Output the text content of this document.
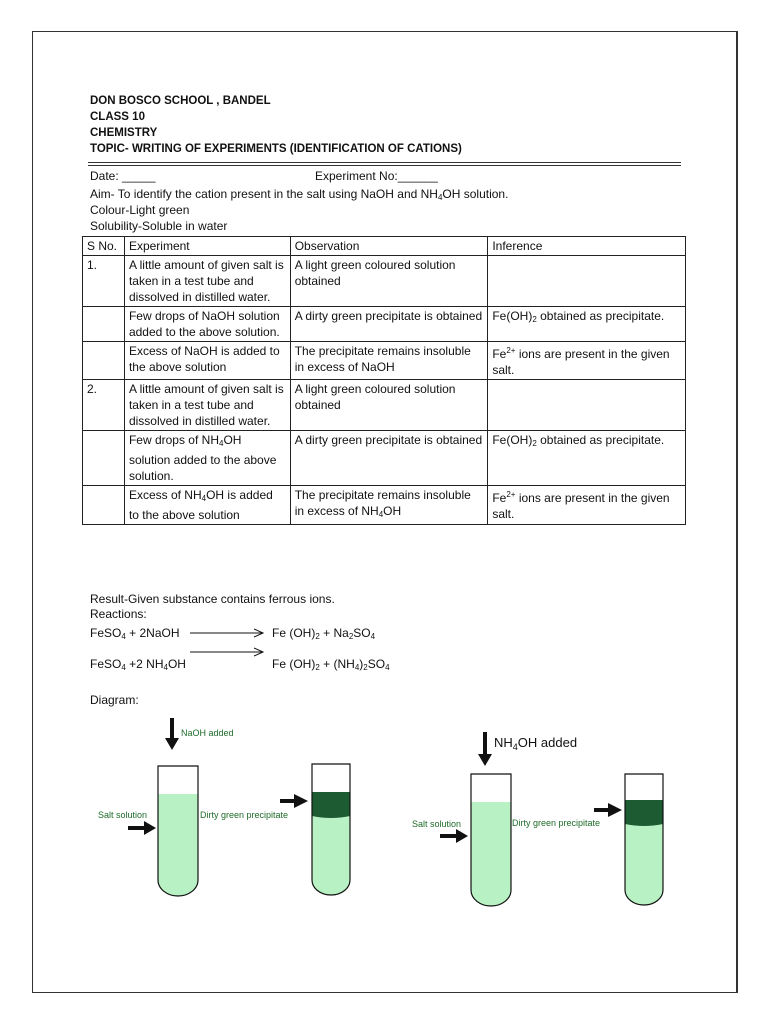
DON BOSCO SCHOOL , BANDEL
CLASS 10
CHEMISTRY
TOPIC- WRITING OF EXPERIMENTS (IDENTIFICATION OF CATIONS)
Date: _____	Experiment No:______
Aim- To identify the cation present in the salt using NaOH and $NH_4OH$ solution.
Colour-Light green
Solubility-Soluble in water
S No.	Experiment	Observation	Inference
1.	A little amount of given salt is taken in a test tube and dissolved in distilled water.	A light green coloured solution obtained	
	Few drops of NaOH solution added to the above solution.	A dirty green precipitate is obtained	$Fe(OH)_2$ obtained as precipitate.
	Excess of NaOH is added to the above solution	The precipitate remains insoluble in excess of NaOH	$Fe^{2+}$ ions are present in the given salt.
2.	A little amount of given salt is taken in a test tube and dissolved in distilled water.	A light green coloured solution obtained	
	Few drops of $NH_4OH$ solution added to the above solution.	A dirty green precipitate is obtained	$Fe(OH)_2$ obtained as precipitate.
	Excess of $NH_4OH$ is added to the above solution	The precipitate remains insoluble in excess of $NH_4OH$	$Fe^{2+}$ ions are present in the given salt.
Result-Given substance contains ferrous ions.
Reactions:
FeSO$_4$ + 2NaOH	Fe $(OH)_2 + Na_2SO_4$
FeSO$_4$ +2 $NH_4OH$	Fe $(OH)_2 + (NH_4)_2SO_4$
Diagram:
NaOH added
Salt solution	Dirty green precipitate
$NH_4OH$ added
Salt solution	Dirty green precipitate
